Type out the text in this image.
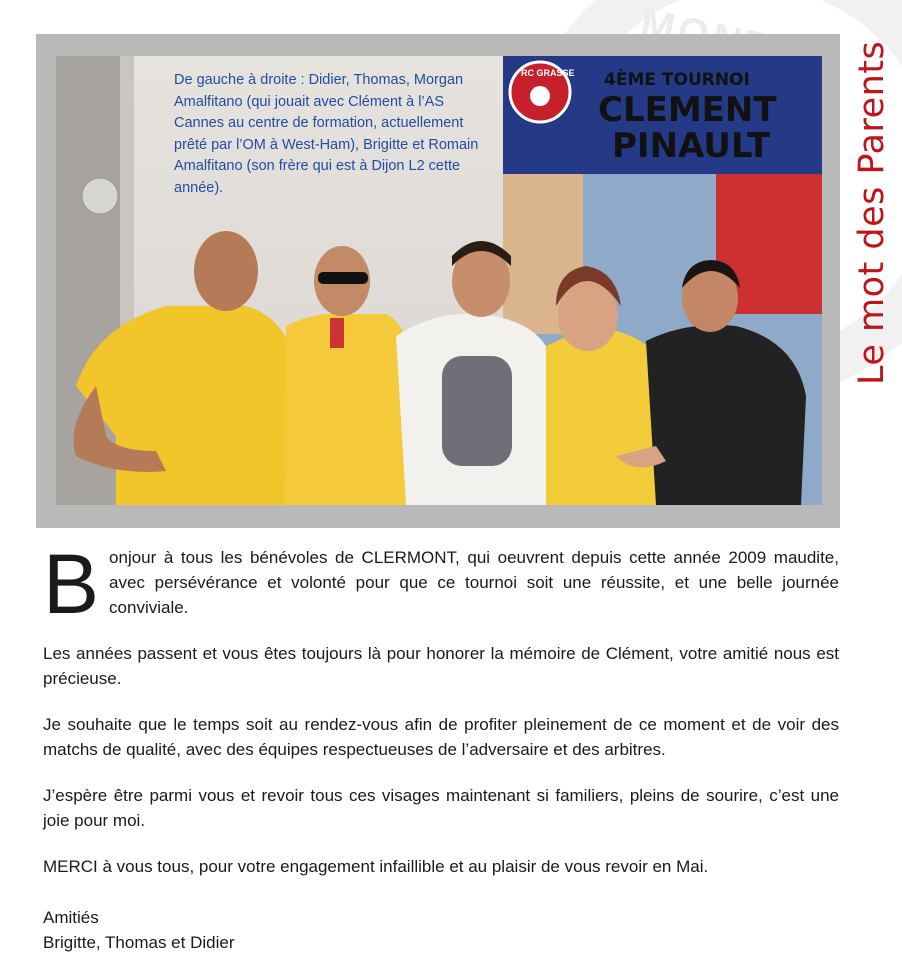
Le mot des Parents
De gauche à droite : Didier, Thomas, Morgan Amalfitano (qui jouait avec Clément à l’AS Cannes au centre de formation, actuellement prêté par l’OM à West-Ham), Brigitte et Romain Amalfitano (son frère qui est à Dijon L2 cette année).
RC GRASSE 4ÈME TOURNOI
CLEMENT
PINAULT

Bonjour à tous les bénévoles de CLERMONT, qui oeuvrent depuis cette année 2009 maudite, avec persévérance et volonté pour que ce tournoi soit une réussite, et une belle journée conviviale.

Les années passent et vous êtes toujours là pour honorer la mémoire de Clément, votre amitié nous est précieuse.

Je souhaite que le temps soit au rendez-vous afin de profiter pleinement de ce moment et de voir des matchs de qualité, avec des équipes respectueuses de l’adversaire et des arbitres.

J’espère être parmi vous et revoir tous ces visages maintenant si familiers, pleins de sourire, c’est une joie pour moi.

MERCI à vous tous, pour votre engagement infaillible et au plaisir de vous revoir en Mai.

Amitiés

Brigitte, Thomas et Didier
